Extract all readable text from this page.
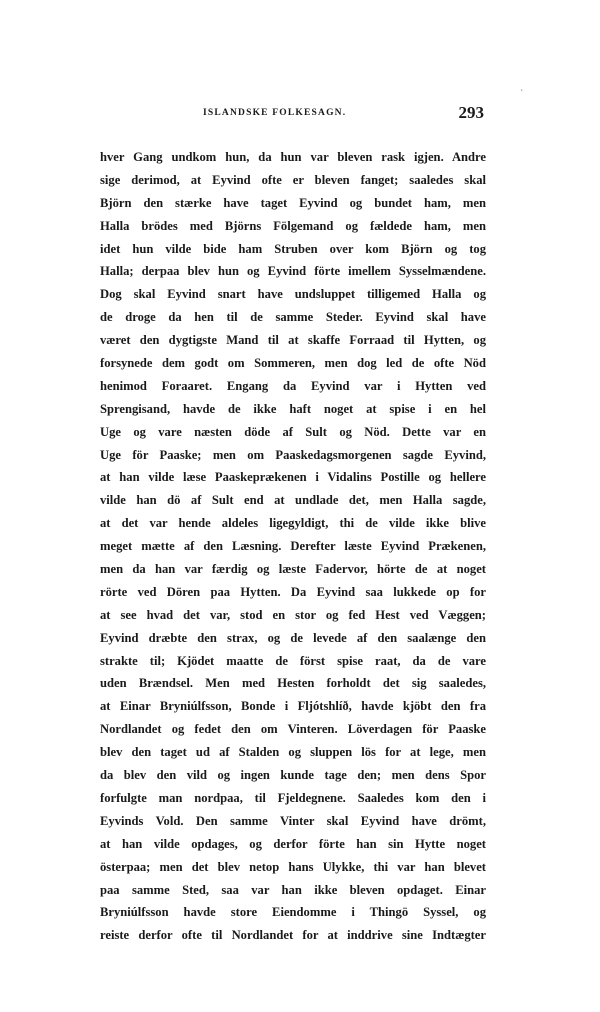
`
ISLANDSKE FOLKESAGN.	293
hver Gang undkom hun, da hun var bleven rask igjen. Andre
sige derimod, at Eyvind ofte er bleven fanget; saaledes skal
Björn den stærke have taget Eyvind og bundet ham, men
Halla brödes med Björns Fölgemand og fældede ham, men
idet hun vilde bide ham Struben over kom Björn og tog
Halla; derpaa blev hun og Eyvind förte imellem Sysselmændene.
Dog skal Eyvind snart have undsluppet tilligemed Halla og
de droge da hen til de samme Steder. Eyvind skal have
været den dygtigste Mand til at skaffe Forraad til Hytten, og
forsynede dem godt om Sommeren, men dog led de ofte Nöd
henimod Foraaret. Engang da Eyvind var i Hytten ved
Sprengisand, havde de ikke haft noget at spise i en hel
Uge og vare næsten döde af Sult og Nöd. Dette var en
Uge för Paaske; men om Paaskedagsmorgenen sagde Eyvind,
at han vilde læse Paaskeprækenen i Vidalins Postille og hellere
vilde han dö af Sult end at undlade det, men Halla sagde,
at det var hende aldeles ligegyldigt, thi de vilde ikke blive
meget mætte af den Læsning. Derefter læste Eyvind Prækenen,
men da han var færdig og læste Fadervor, hörte de at noget
rörte ved Dören paa Hytten. Da Eyvind saa lukkede op for
at see hvad det var, stod en stor og fed Hest ved Væggen;
Eyvind dræbte den strax, og de levede af den saalænge den
strakte til; Kjödet maatte de först spise raat, da de vare
uden Brændsel. Men med Hesten forholdt det sig saaledes,
at Einar Bryniúlfsson, Bonde i Fljótshlíð, havde kjöbt den fra
Nordlandet og fedet den om Vinteren. Löverdagen för Paaske
blev den taget ud af Stalden og sluppen lös for at lege, men
da blev den vild og ingen kunde tage den; men dens Spor
forfulgte man nordpaa, til Fjeldegnene. Saaledes kom den i
Eyvinds Vold. Den samme Vinter skal Eyvind have drömt,
at han vilde opdages, og derfor förte han sin Hytte noget
österpaa; men det blev netop hans Ulykke, thi var han blevet
paa samme Sted, saa var han ikke bleven opdaget. Einar
Bryniúlfsson havde store Eiendomme i Thingö Syssel, og
reiste derfor ofte til Nordlandet for at inddrive sine Indtægter
